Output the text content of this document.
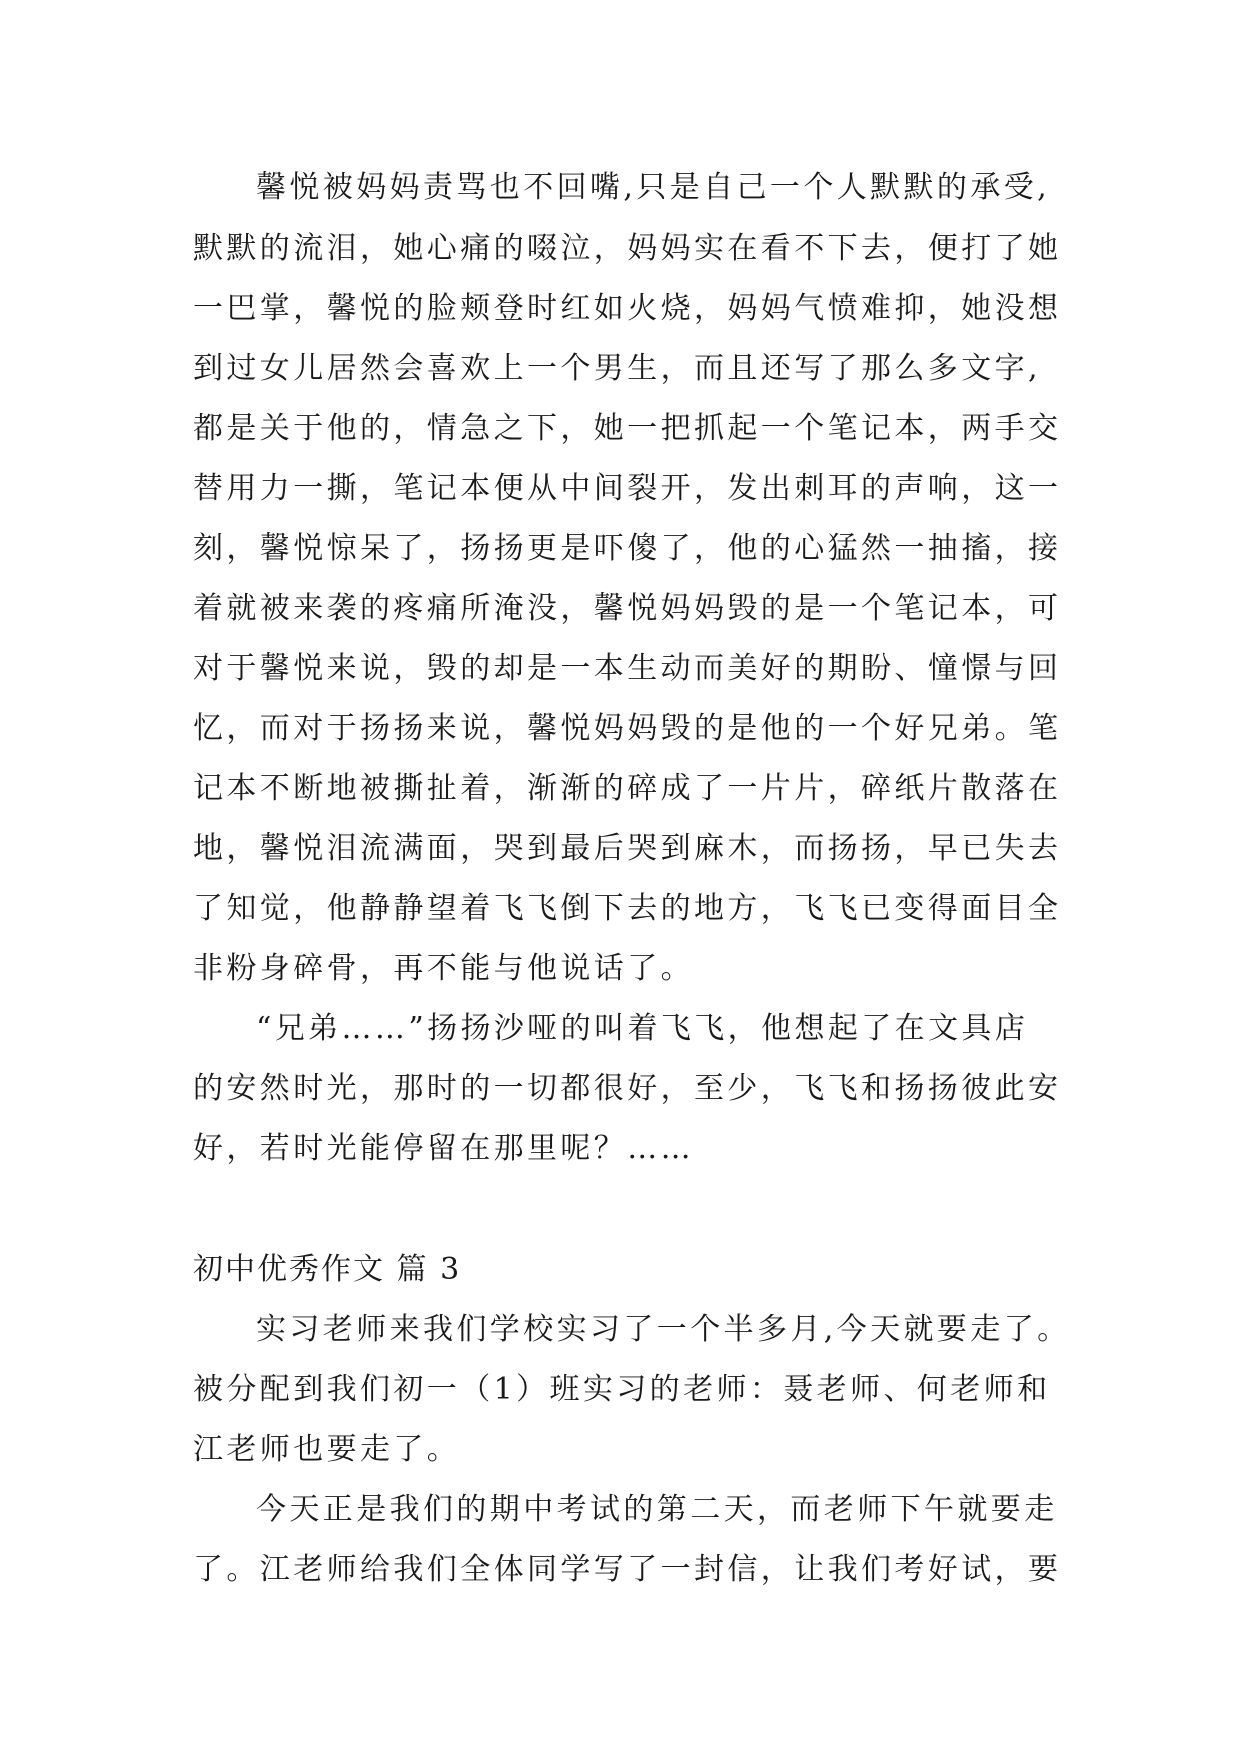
馨悦被妈妈责骂也不回嘴,只是自己一个人默默的承受,
默默的流泪，她心痛的啜泣，妈妈实在看不下去，便打了她
一巴掌，馨悦的脸颊登时红如火烧，妈妈气愤难抑，她没想
到过女儿居然会喜欢上一个男生，而且还写了那么多文字,
都是关于他的，情急之下，她一把抓起一个笔记本，两手交
替用力一撕，笔记本便从中间裂开，发出刺耳的声响，这一
刻，馨悦惊呆了，扬扬更是吓傻了，他的心猛然一抽搐，接
着就被来袭的疼痛所淹没，馨悦妈妈毁的是一个笔记本，可
对于馨悦来说，毁的却是一本生动而美好的期盼、憧憬与回
忆，而对于扬扬来说，馨悦妈妈毁的是他的一个好兄弟。笔
记本不断地被撕扯着，渐渐的碎成了一片片，碎纸片散落在
地，馨悦泪流满面，哭到最后哭到麻木，而扬扬，早已失去
了知觉，他静静望着飞飞倒下去的地方，飞飞已变得面目全
非粉身碎骨，再不能与他说话了。
“兄弟……”扬扬沙哑的叫着飞飞，他想起了在文具店
的安然时光，那时的一切都很好，至少，飞飞和扬扬彼此安
好，若时光能停留在那里呢？……
初中优秀作文 篇 3
实习老师来我们学校实习了一个半多月,今天就要走了。
被分配到我们初一（1）班实习的老师：聂老师、何老师和
江老师也要走了。
今天正是我们的期中考试的第二天，而老师下午就要走
了。江老师给我们全体同学写了一封信，让我们考好试，要
